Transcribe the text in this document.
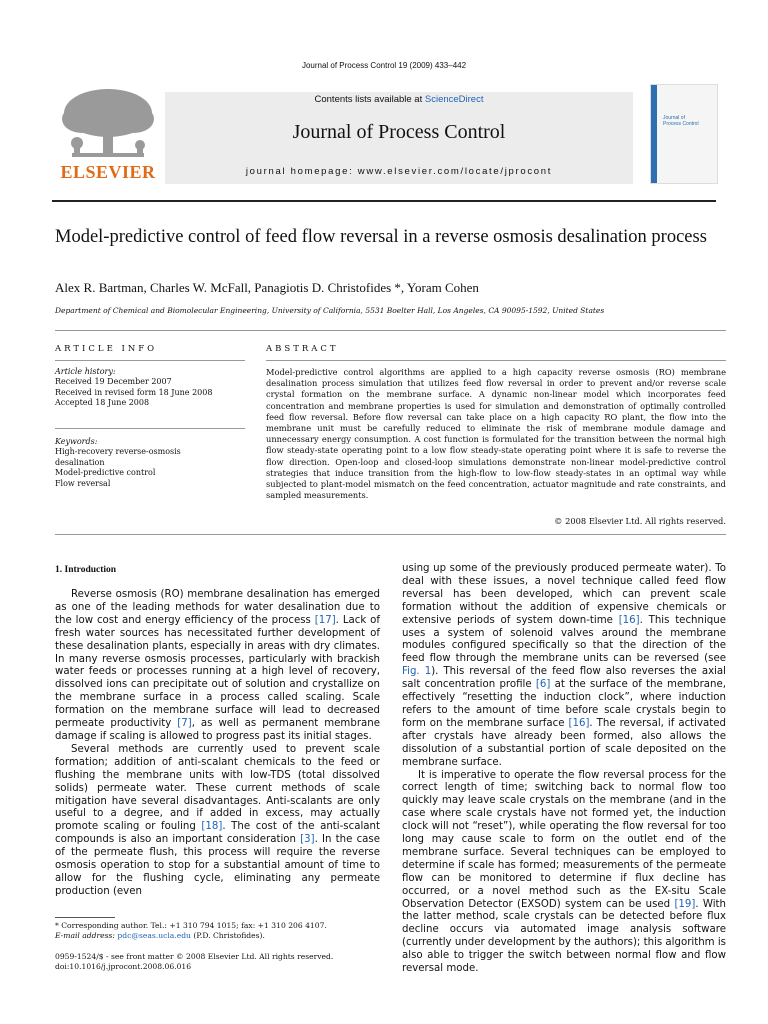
Journal of Process Control 19 (2009) 433–442
ELSEVIER
Contents lists available at ScienceDirect
Journal of Process Control
journal homepage: www.elsevier.com/locate/jprocont
Journal of
Process Control
Model-predictive control of feed flow reversal in a reverse osmosis desalination process
Alex R. Bartman, Charles W. McFall, Panagiotis D. Christofides *, Yoram Cohen
Department of Chemical and Biomolecular Engineering, University of California, 5531 Boelter Hall, Los Angeles, CA 90095-1592, United States
ARTICLE INFO
Article history:
Received 19 December 2007
Received in revised form 18 June 2008
Accepted 18 June 2008
Keywords:
High-recovery reverse-osmosis
desalination
Model-predictive control
Flow reversal
ABSTRACT
Model-predictive control algorithms are applied to a high capacity reverse osmosis (RO) membrane desalination process simulation that utilizes feed flow reversal in order to prevent and/or reverse scale crystal formation on the membrane surface. A dynamic non-linear model which incorporates feed concentration and membrane properties is used for simulation and demonstration of optimally controlled feed flow reversal. Before flow reversal can take place on a high capacity RO plant, the flow into the membrane unit must be carefully reduced to eliminate the risk of membrane module damage and unnecessary energy consumption. A cost function is formulated for the transition between the normal high flow steady-state operating point to a low flow steady-state operating point where it is safe to reverse the flow direction. Open-loop and closed-loop simulations demonstrate non-linear model-predictive control strategies that induce transition from the high-flow to low-flow steady-states in an optimal way while subjected to plant-model mismatch on the feed concentration, actuator magnitude and rate constraints, and sampled measurements.
© 2008 Elsevier Ltd. All rights reserved.
1. Introduction

Reverse osmosis (RO) membrane desalination has emerged as one of the leading methods for water desalination due to the low cost and energy efficiency of the process [17]. Lack of fresh water sources has necessitated further development of these desalination plants, especially in areas with dry climates. In many reverse osmosis processes, particularly with brackish water feeds or processes running at a high level of recovery, dissolved ions can precipitate out of solution and crystallize on the membrane surface in a process called scaling. Scale formation on the membrane surface will lead to decreased permeate productivity [7], as well as permanent membrane damage if scaling is allowed to progress past its initial stages.

Several methods are currently used to prevent scale formation; addition of anti-scalant chemicals to the feed or flushing the membrane units with low-TDS (total dissolved solids) permeate water. These current methods of scale mitigation have several disadvantages. Anti-scalants are only useful to a degree, and if added in excess, may actually promote scaling or fouling [18]. The cost of the anti-scalant compounds is also an important consideration [3]. In the case of the permeate flush, this process will require the reverse osmosis operation to stop for a substantial amount of time to allow for the flushing cycle, eliminating any permeate production (even

using up some of the previously produced permeate water). To deal with these issues, a novel technique called feed flow reversal has been developed, which can prevent scale formation without the addition of expensive chemicals or extensive periods of system down-time [16]. This technique uses a system of solenoid valves around the membrane modules configured specifically so that the direction of the feed flow through the membrane units can be reversed (see Fig. 1). This reversal of the feed flow also reverses the axial salt concentration profile [6] at the surface of the membrane, effectively “resetting the induction clock”, where induction refers to the amount of time before scale crystals begin to form on the membrane surface [16]. The reversal, if activated after crystals have already been formed, also allows the dissolution of a substantial portion of scale deposited on the membrane surface.

It is imperative to operate the flow reversal process for the correct length of time; switching back to normal flow too quickly may leave scale crystals on the membrane (and in the case where scale crystals have not formed yet, the induction clock will not “reset”), while operating the flow reversal for too long may cause scale to form on the outlet end of the membrane surface. Several techniques can be employed to determine if scale has formed; measurements of the permeate flow can be monitored to determine if flux decline has occurred, or a novel method such as the EX-situ Scale Observation Detector (EXSOD) system can be used [19]. With the latter method, scale crystals can be detected before flux decline occurs via automated image analysis software (currently under development by the authors); this algorithm is also able to trigger the switch between normal flow and flow reversal mode.

* Corresponding author. Tel.: +1 310 794 1015; fax: +1 310 206 4107.
E-mail address: pdc@seas.ucla.edu (P.D. Christofides).
0959-1524/$ - see front matter © 2008 Elsevier Ltd. All rights reserved.
doi:10.1016/j.jprocont.2008.06.016
